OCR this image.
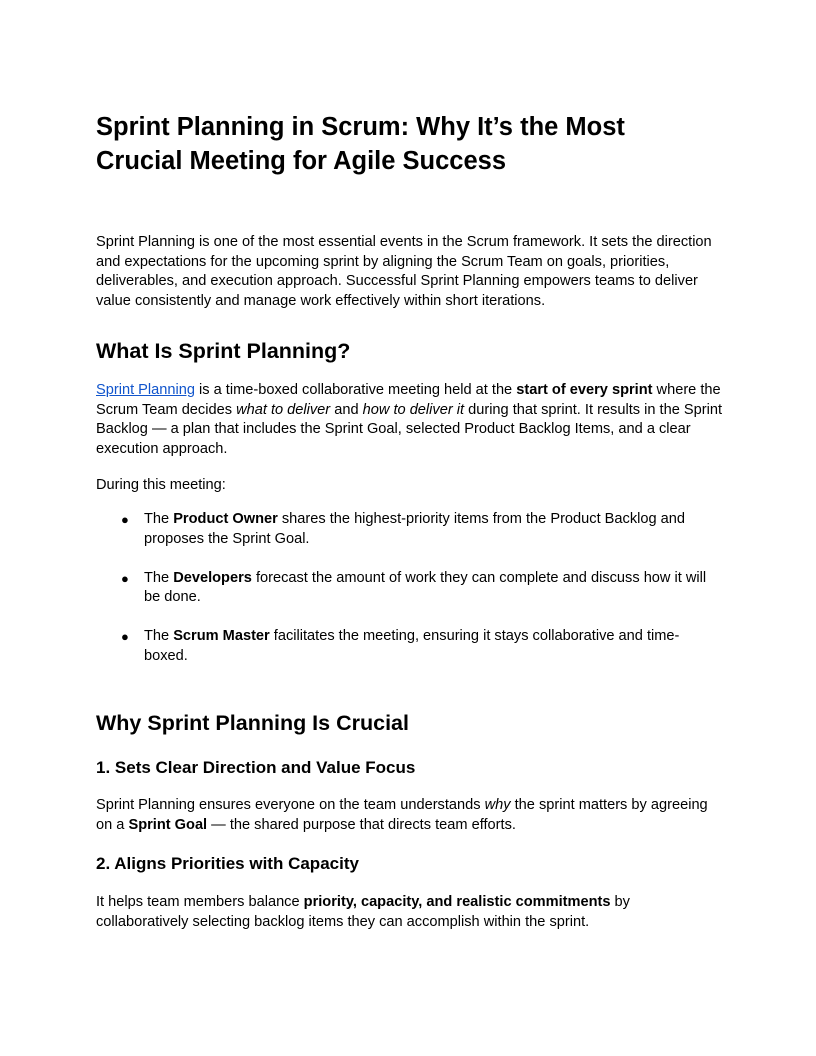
Sprint Planning in Scrum: Why It’s the Most Crucial Meeting for Agile Success

Sprint Planning is one of the most essential events in the Scrum framework. It sets the direction and expectations for the upcoming sprint by aligning the Scrum Team on goals, priorities, deliverables, and execution approach. Successful Sprint Planning empowers teams to deliver value consistently and manage work effectively within short iterations.

What Is Sprint Planning?

Sprint Planning is a time-boxed collaborative meeting held at the start of every sprint where the Scrum Team decides what to deliver and how to deliver it during that sprint. It results in the Sprint Backlog — a plan that includes the Sprint Goal, selected Product Backlog Items, and a clear execution approach.

During this meeting:

● The Product Owner shares the highest-priority items from the Product Backlog and proposes the Sprint Goal.
● The Developers forecast the amount of work they can complete and discuss how it will be done.
● The Scrum Master facilitates the meeting, ensuring it stays collaborative and time-boxed.
Why Sprint Planning Is Crucial
1. Sets Clear Direction and Value Focus

Sprint Planning ensures everyone on the team understands why the sprint matters by agreeing on a Sprint Goal — the shared purpose that directs team efforts.

2. Aligns Priorities with Capacity

It helps team members balance priority, capacity, and realistic commitments by collaboratively selecting backlog items they can accomplish within the sprint.
